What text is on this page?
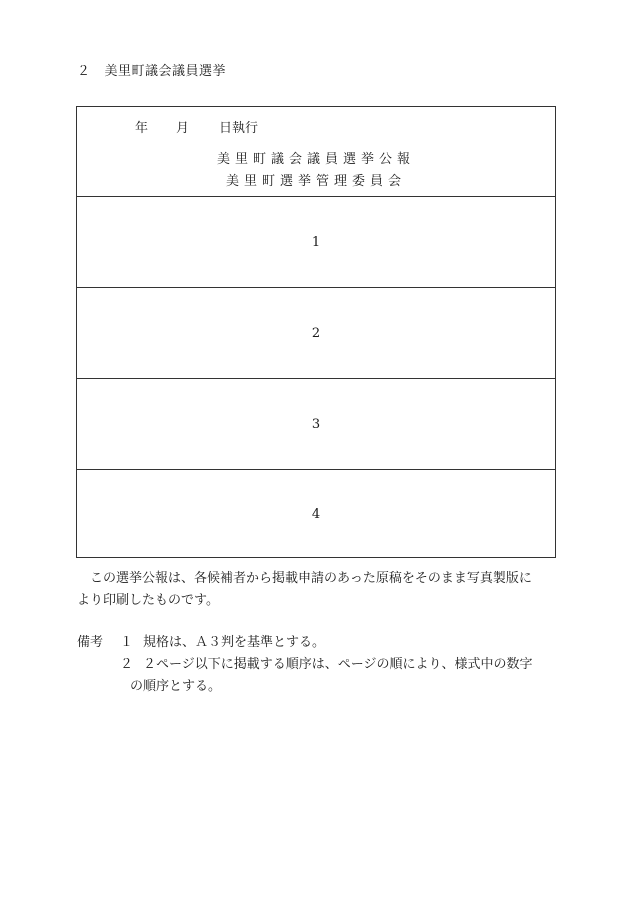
２ 美里町議会議員選挙
年 月 日執行
美里町議会議員選挙公報
美里町選挙管理委員会
1
2
3
4
この選挙公報は、各候補者から掲載申請のあった原稿をそのまま写真製版に
より印刷したものです。
備考 １ 規格は、Ａ３判を基準とする。
２ ２ページ以下に掲載する順序は、ページの順により、様式中の数字
の順序とする。
